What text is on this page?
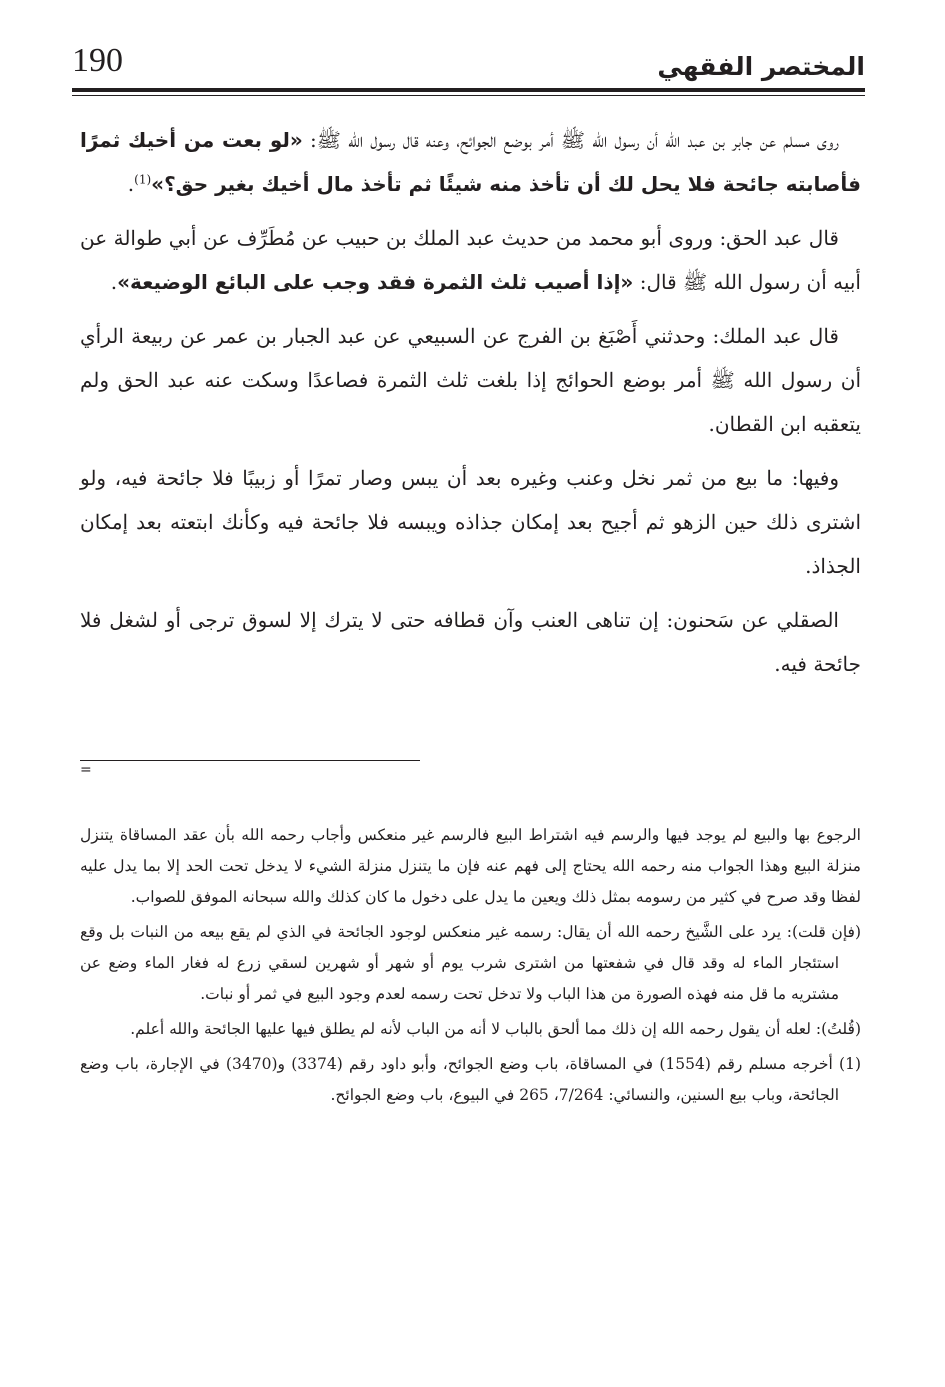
190	المختصر الفقهي

روى مسلم عن جابر بن عبد الله أن رسول الله ﷺ أمر بوضع الجوائح، وعنه قال رسول الله ﷺ: «لو بعت من أخيك ثمرًا فأصابته جائحة فلا يحل لك أن تأخذ منه شيئًا ثم تأخذ مال أخيك بغير حق؟»$^{(1)}$.

قال عبد الحق: وروى أبو محمد من حديث عبد الملك بن حبيب عن مُطَرِّف عن أبي طوالة عن أبيه أن رسول الله ﷺ قال: «إذا أصيب ثلث الثمرة فقد وجب على البائع الوضيعة».

قال عبد الملك: وحدثني أَصْبَغ بن الفرج عن السبيعي عن عبد الجبار بن عمر عن ربيعة الرأي أن رسول الله ﷺ أمر بوضع الحوائج إذا بلغت ثلث الثمرة فصاعدًا وسكت عنه عبد الحق ولم يتعقبه ابن القطان.

وفيها: ما بيع من ثمر نخل وعنب وغيره بعد أن يبس وصار تمرًا أو زبيبًا فلا جائحة فيه، ولو اشترى ذلك حين الزهو ثم أجيح بعد إمكان جذاذه ويبسه فلا جائحة فيه وكأنك ابتعته بعد إمكان الجذاذ.

الصقلي عن سَحنون: إن تناهى العنب وآن قطافه حتى لا يترك إلا لسوق ترجى أو لشغل فلا جائحة فيه.

=

الرجوع بها والبيع لم يوجد فيها والرسم فيه اشتراط البيع فالرسم غير منعكس وأجاب رحمه الله بأن عقد المساقاة يتنزل منزلة البيع وهذا الجواب منه رحمه الله يحتاج إلى فهم عنه فإن ما يتنزل منزلة الشيء لا يدخل تحت الحد إلا بما يدل عليه لفظا وقد صرح في كثير من رسومه بمثل ذلك ويعين ما يدل على دخول ما كان كذلك والله سبحانه الموفق للصواب.

(فإن قلت): يرد على الشَّيخ رحمه الله أن يقال: رسمه غير منعكس لوجود الجائحة في الذي لم يقع بيعه من النبات بل وقع استئجار الماء له وقد قال في شفعتها من اشترى شرب يوم أو شهر أو شهرين لسقي زرع له فغار الماء وضع عن مشتريه ما قل منه فهذه الصورة من هذا الباب ولا تدخل تحت رسمه لعدم وجود البيع في ثمر أو نبات.

(قُلتُ): لعله أن يقول رحمه الله إن ذلك مما ألحق بالباب لا أنه من الباب لأنه لم يطلق فيها عليها الجائحة والله أعلم.

(1) أخرجه مسلم رقم (1554) في المساقاة، باب وضع الجوائح، وأبو داود رقم (3374) و(3470) في الإجارة، باب وضع الجائحة، وباب بيع السنين، والنسائي: 7/264، 265 في البيوع، باب وضع الجوائح.
